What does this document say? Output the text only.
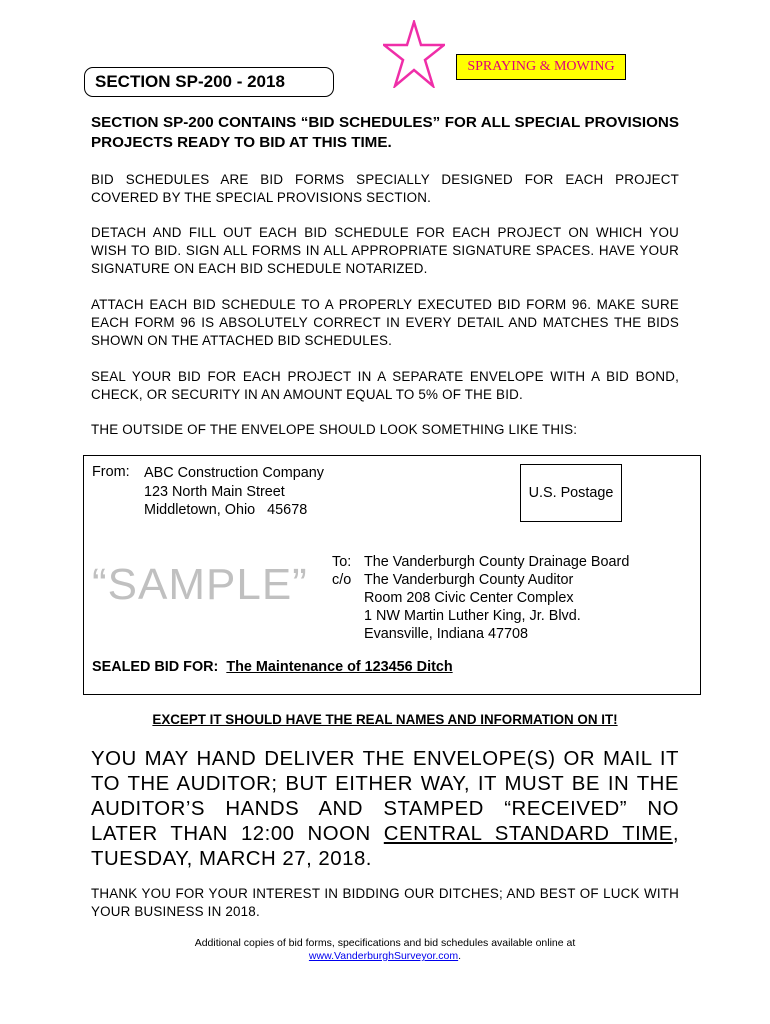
SPRAYING & MOWING
SECTION SP-200 - 2018
SECTION SP-200 CONTAINS “BID SCHEDULES” FOR ALL SPECIAL PROVISIONS PROJECTS READY TO BID AT THIS TIME.
BID SCHEDULES ARE BID FORMS SPECIALLY DESIGNED FOR EACH PROJECT COVERED BY THE SPECIAL PROVISIONS SECTION.
DETACH AND FILL OUT EACH BID SCHEDULE FOR EACH PROJECT ON WHICH YOU WISH TO BID. SIGN ALL FORMS IN ALL APPROPRIATE SIGNATURE SPACES. HAVE YOUR SIGNATURE ON EACH BID SCHEDULE NOTARIZED.
ATTACH EACH BID SCHEDULE TO A PROPERLY EXECUTED BID FORM 96. MAKE SURE EACH FORM 96 IS ABSOLUTELY CORRECT IN EVERY DETAIL AND MATCHES THE BIDS SHOWN ON THE ATTACHED BID SCHEDULES.
SEAL YOUR BID FOR EACH PROJECT IN A SEPARATE ENVELOPE WITH A BID BOND, CHECK, OR SECURITY IN AN AMOUNT EQUAL TO 5% OF THE BID.
THE OUTSIDE OF THE ENVELOPE SHOULD LOOK SOMETHING LIKE THIS:
From: ABC Construction Company
123 North Main Street
Middletown, Ohio   45678
U.S. Postage
“SAMPLE” To: The Vanderburgh County Drainage Board
c/o The Vanderburgh County Auditor
Room 208 Civic Center Complex
1 NW Martin Luther King, Jr. Blvd.
Evansville, Indiana 47708
SEALED BID FOR: The Maintenance of 123456 Ditch
EXCEPT IT SHOULD HAVE THE REAL NAMES AND INFORMATION ON IT!
YOU MAY HAND DELIVER THE ENVELOPE(S) OR MAIL IT TO THE AUDITOR; BUT EITHER WAY, IT MUST BE IN THE AUDITOR’S HANDS AND STAMPED “RECEIVED” NO LATER THAN 12:00 NOON CENTRAL STANDARD TIME, TUESDAY, MARCH 27, 2018.
THANK YOU FOR YOUR INTEREST IN BIDDING OUR DITCHES; AND BEST OF LUCK WITH YOUR BUSINESS IN 2018.
Additional copies of bid forms, specifications and bid schedules available online at
www.VanderburghSurveyor.com.
